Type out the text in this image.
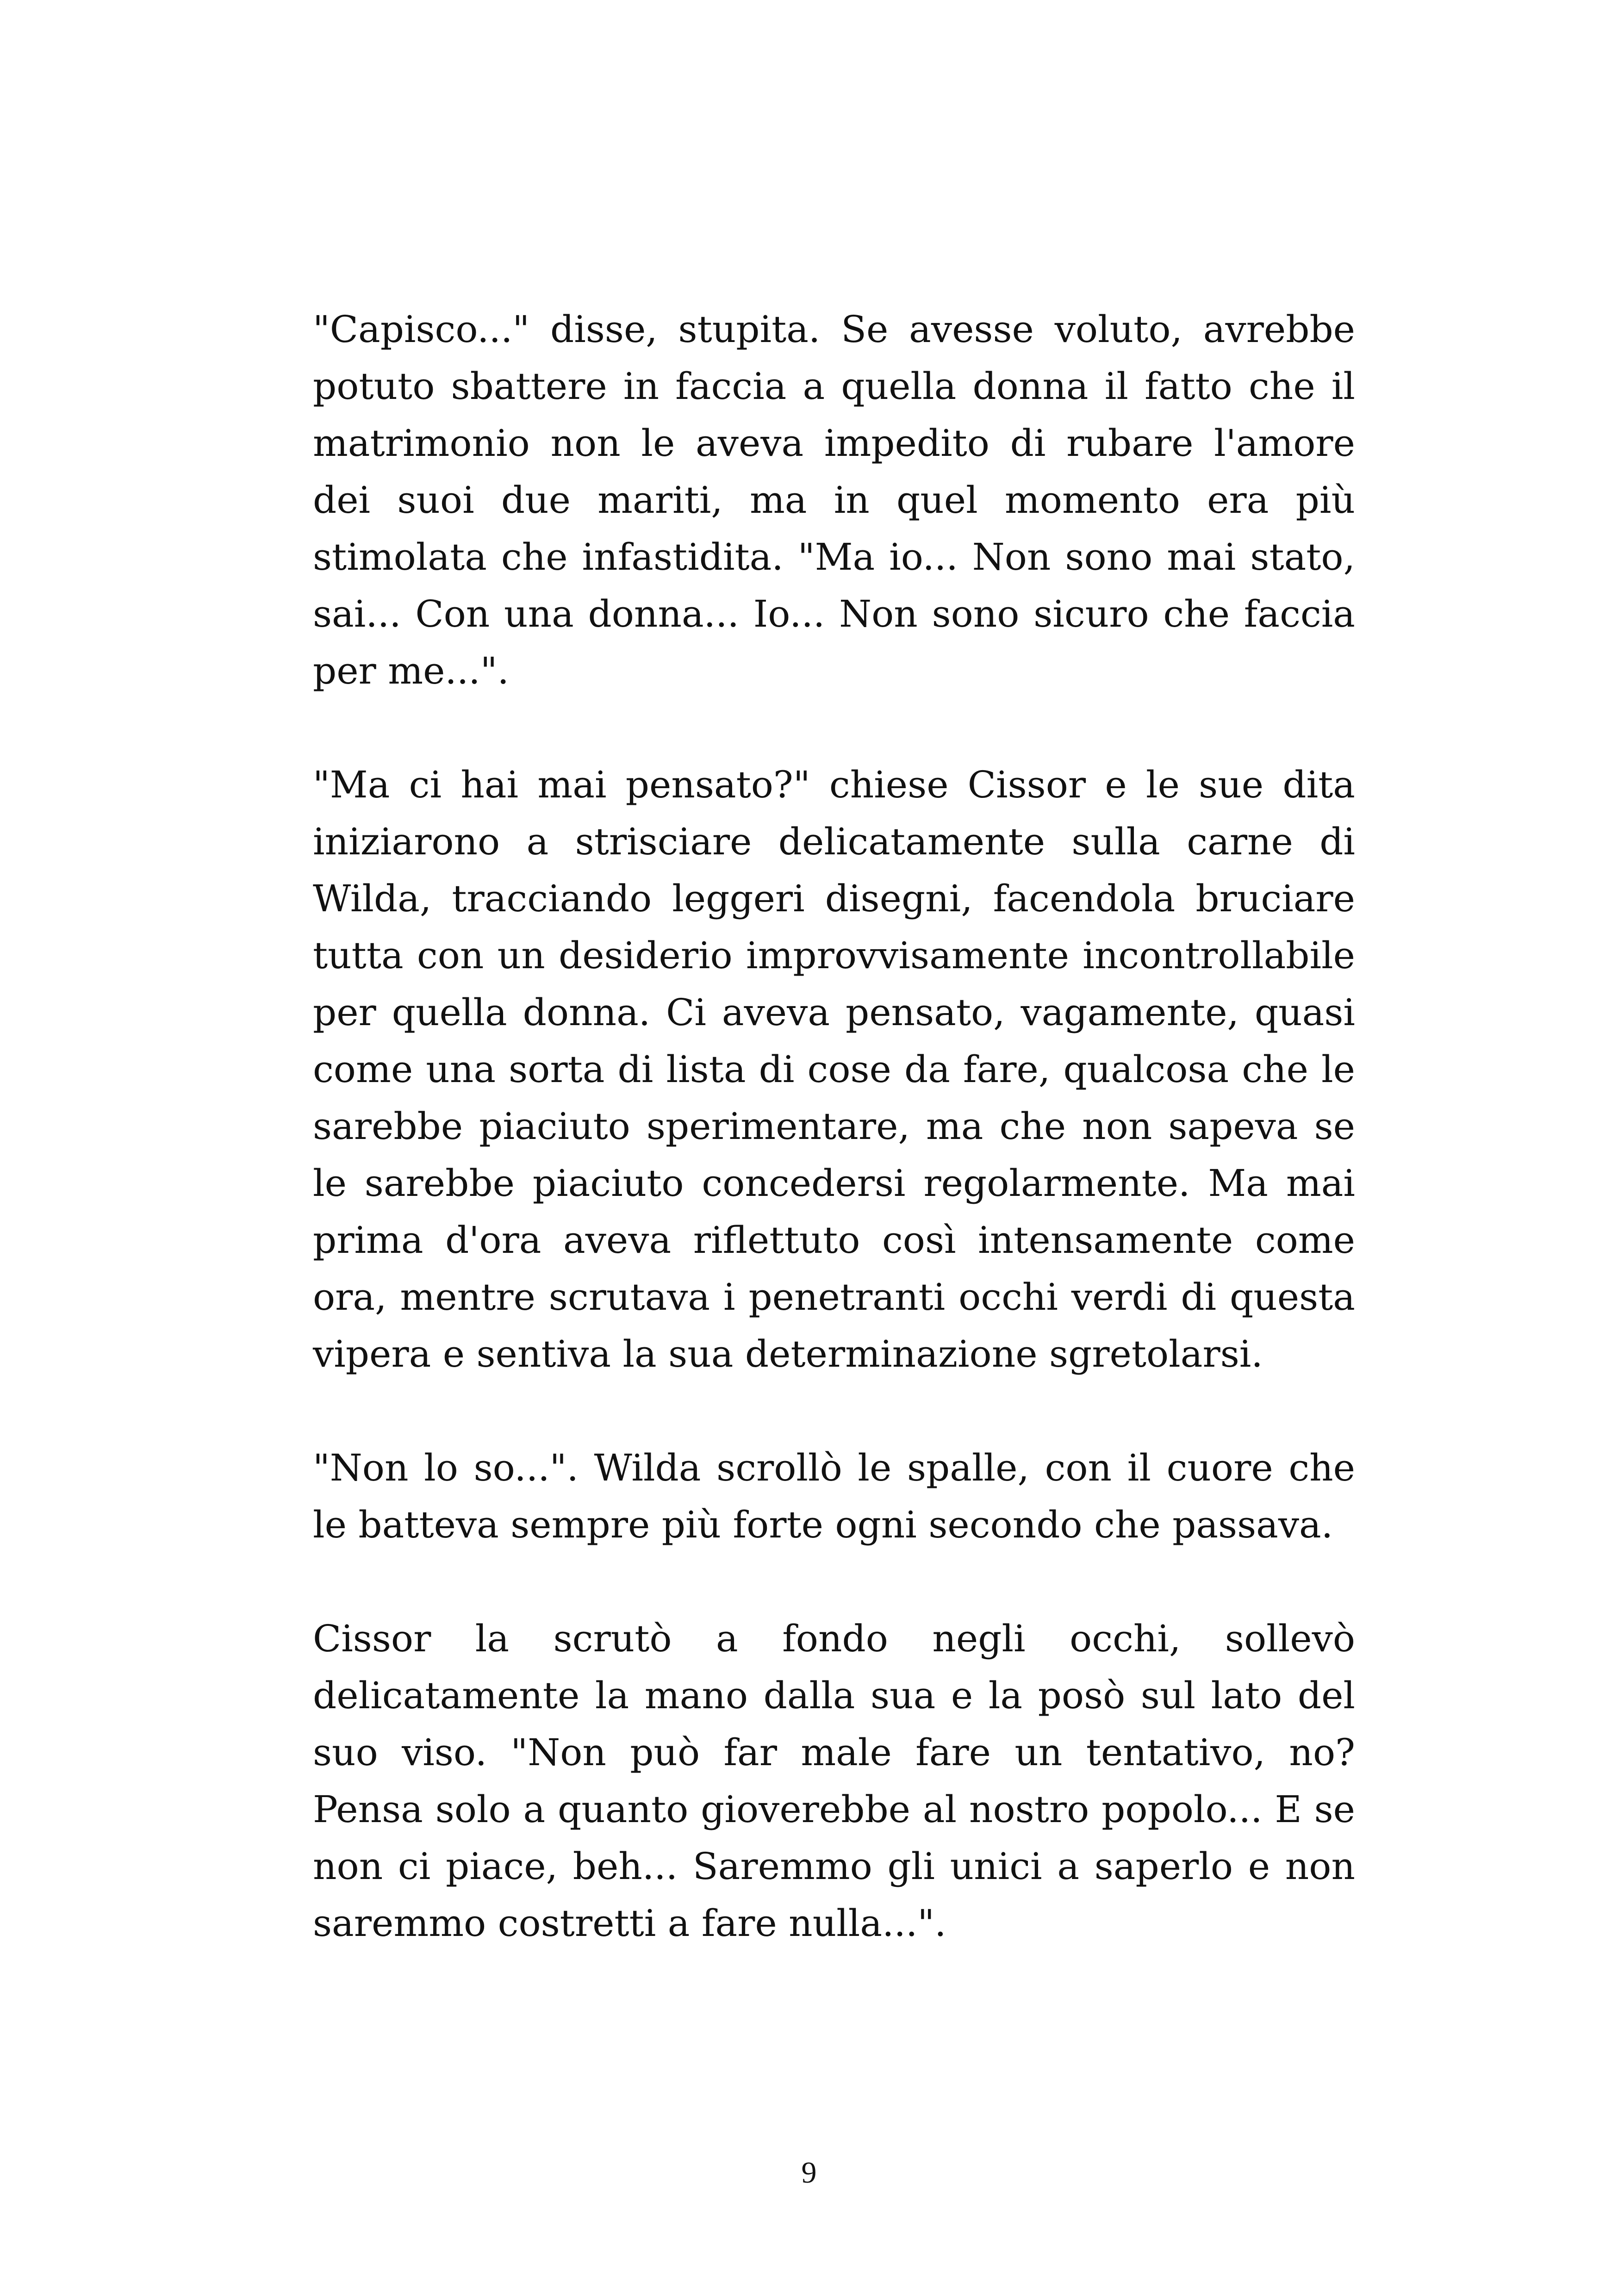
"Capisco..." disse, stupita. Se avesse voluto, avrebbe potuto sbattere in faccia a quella donna il fatto che il matrimonio non le aveva impedito di rubare l'amore dei suoi due mariti, ma in quel momento era più stimolata che infastidita. "Ma io... Non sono mai stato, sai... Con una donna... Io... Non sono sicuro che faccia per me...".

"Ma ci hai mai pensato?" chiese Cissor e le sue dita iniziarono a strisciare delicatamente sulla carne di Wilda, tracciando leggeri disegni, facendola bruciare tutta con un desiderio improvvisamente incontrollabile per quella donna. Ci aveva pensato, vagamente, quasi come una sorta di lista di cose da fare, qualcosa che le sarebbe piaciuto sperimentare, ma che non sapeva se le sarebbe piaciuto concedersi regolarmente. Ma mai prima d'ora aveva riflettuto così intensamente come ora, mentre scrutava i penetranti occhi verdi di questa vipera e sentiva la sua determinazione sgretolarsi.

"Non lo so...". Wilda scrollò le spalle, con il cuore che le batteva sempre più forte ogni secondo che passava.

Cissor la scrutò a fondo negli occhi, sollevò delicatamente la mano dalla sua e la posò sul lato del suo viso. "Non può far male fare un tentativo, no? Pensa solo a quanto gioverebbe al nostro popolo... E se non ci piace, beh... Saremmo gli unici a saperlo e non saremmo costretti a fare nulla...".

9
